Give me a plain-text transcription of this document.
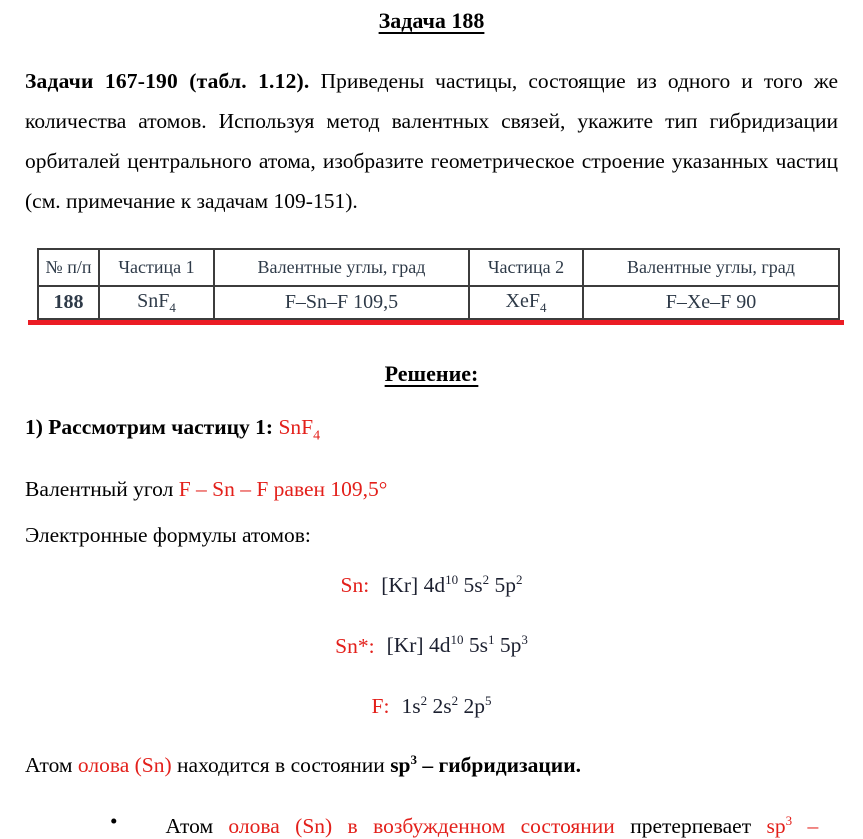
Задача 188

Задачи 167-190 (табл. 1.12). Приведены частицы, состоящие из одного и того же количества атомов. Используя метод валентных связей, укажите тип гибридизации орбиталей центрального атома, изобразите геометрическое строение указанных частиц (см. примечание к задачам 109-151).

№ п/п	Частица 1	Валентные углы, град	Частица 2	Валентные углы, град
188	SnF$_4$	F–Sn–F 109,5	XeF$_4$	F–Xe–F 90
Решение:

1) Рассмотрим частицу 1: SnF$_4$

Валентный угол F – Sn – F равен 109,5°

Электронные формулы атомов:

Sn: [Kr] $4d^{10}$ $5s^2$ $5p^2$

Sn*: [Kr] $4d^{10}$ $5s^1$ $5p^3$

F: $1s^2$ $2s^2$ $2p^5$

Атом олова (Sn) находится в состоянии $sp^3$ – гибридизации.

• Атом олова (Sn) в возбужденном состоянии претерпевает $sp^3$ –
